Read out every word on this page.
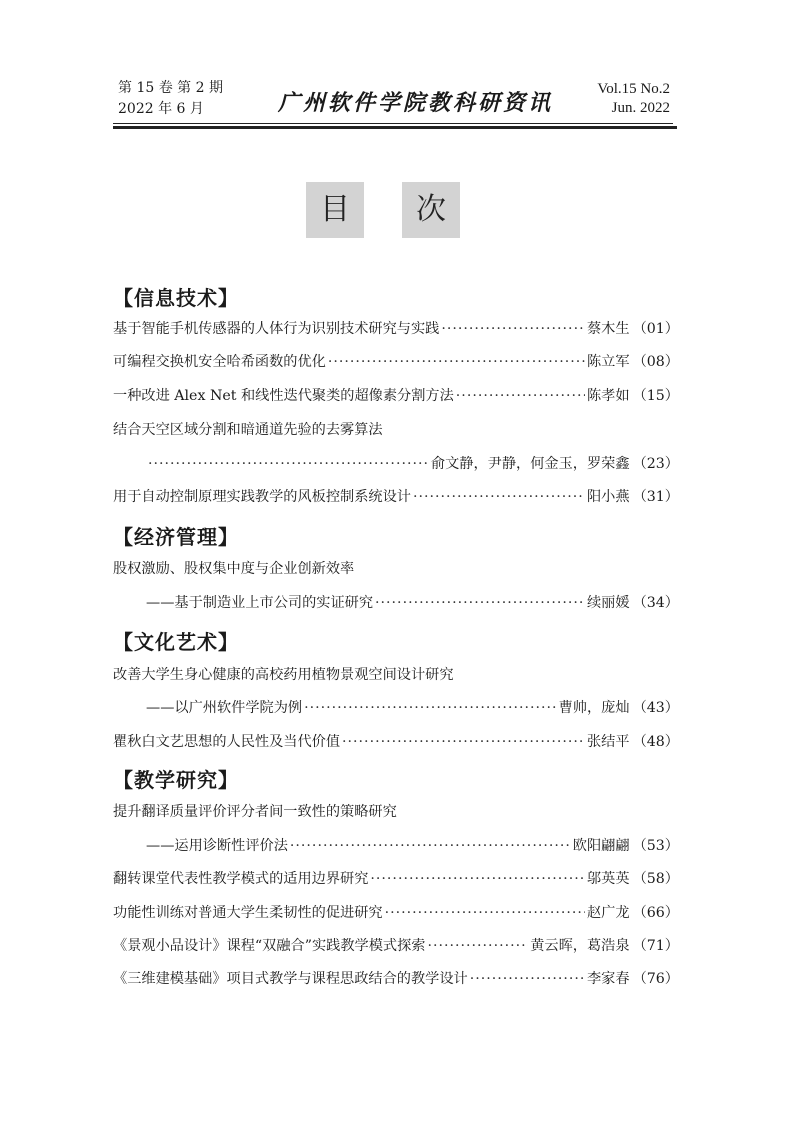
第 15 卷 第 2 期
2022 年 6 月	广州软件学院教科研资讯
Vol.15 No.2
Jun. 2022
目	次
【信息技术】
基于智能手机传感器的人体行为识别技术研究与实践 ·····	蔡木生 （01）
可编程交换机安全哈希函数的优化 ·····	陈立军 （08）
一种改进 Alex Net 和线性迭代聚类的超像素分割方法 ·····	陈孝如 （15）
结合天空区域分割和暗通道先验的去雾算法
·····
俞文静，尹静，何金玉，罗荣鑫 （23）
用于自动控制原理实践教学的风板控制系统设计 ·····	阳小燕 （31）
【经济管理】
股权激励、股权集中度与企业创新效率
——基于制造业上市公司的实证研究 ·····	续丽媛 （34）
【文化艺术】
改善大学生身心健康的高校药用植物景观空间设计研究
——以广州软件学院为例 ·····	曹帅，庞灿 （43）
瞿秋白文艺思想的人民性及当代价值 ·····	张结平 （48）
【教学研究】
提升翻译质量评价评分者间一致性的策略研究
——运用诊断性评价法 ·····	欧阳翩翩 （53）
翻转课堂代表性教学模式的适用边界研究 ·····	邬英英 （58）
功能性训练对普通大学生柔韧性的促进研究 ·····	赵广龙 （66）
《景观小品设计》课程“双融合”实践教学模式探索 ·····	黄云晖，葛浩泉 （71）
《三维建模基础》项目式教学与课程思政结合的教学设计 ·····	李家春 （76）
